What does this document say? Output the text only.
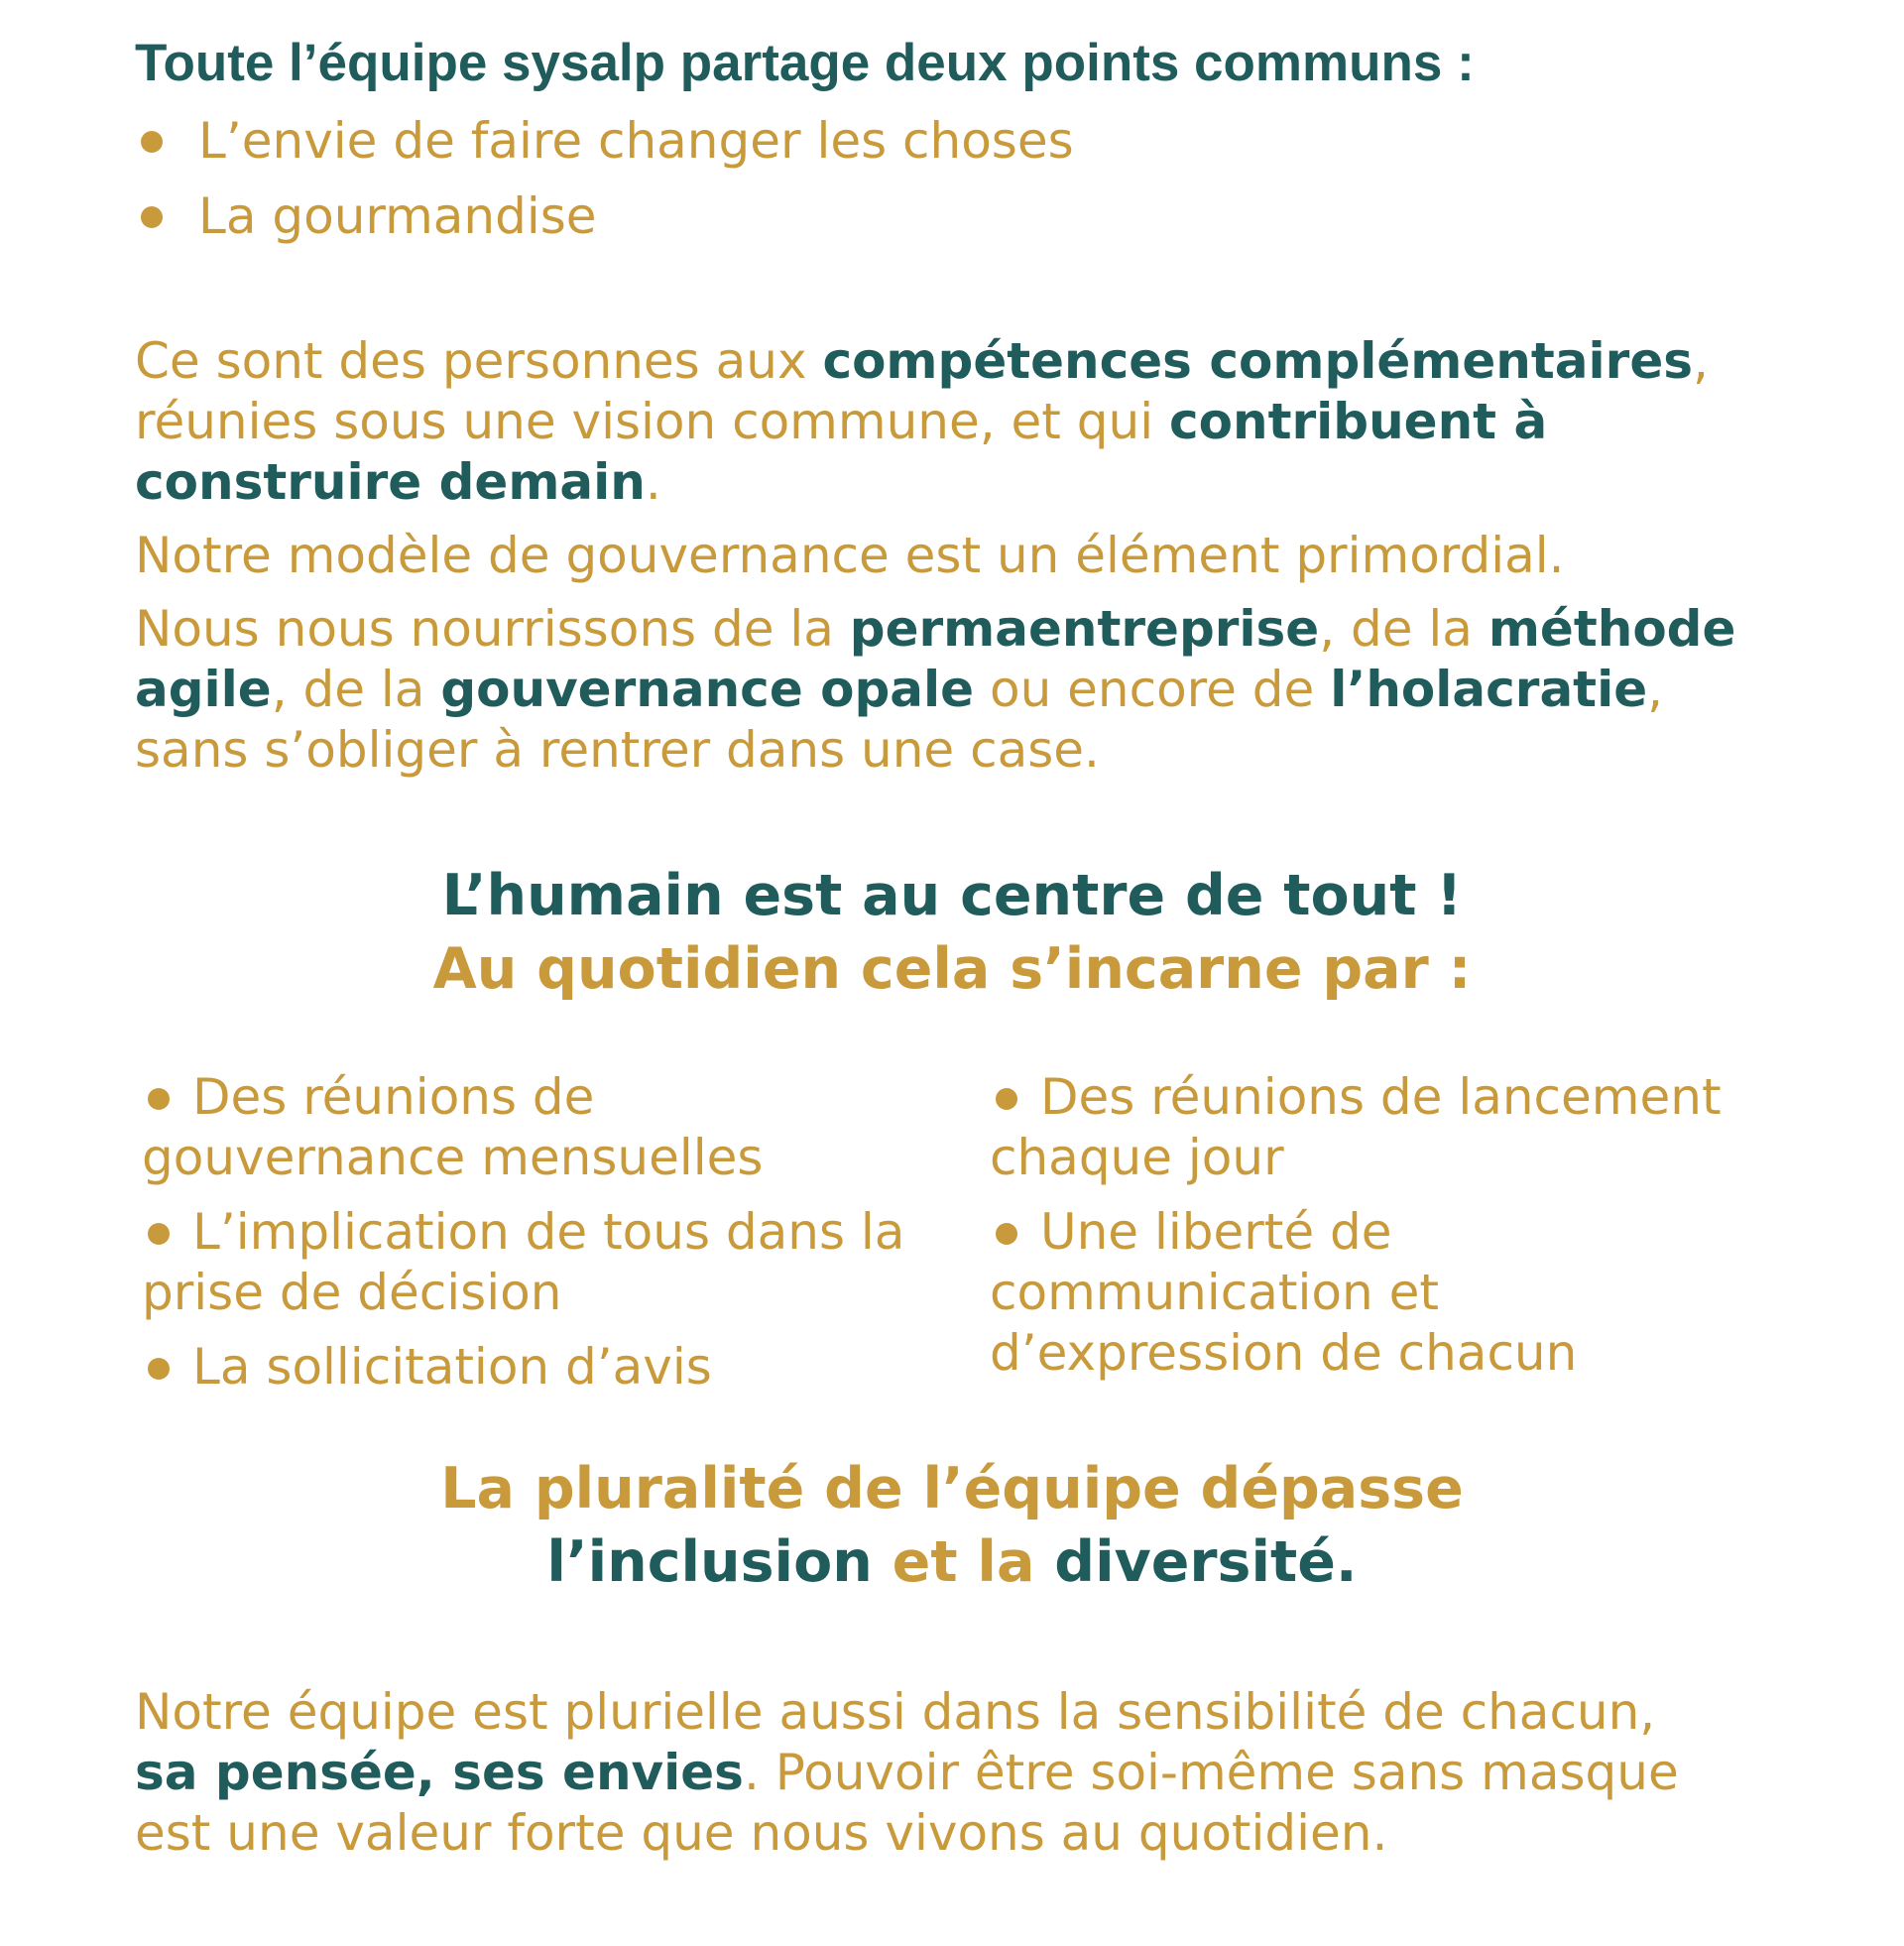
Toute l’équipe sysalp partage deux points communs :
L’envie de faire changer les choses
La gourmandise

Ce sont des personnes aux compétences complémentaires,
réunies sous une vision commune, et qui contribuent à
construire demain.

Notre modèle de gouvernance est un élément primordial.

Nous nous nourrissons de la permaentreprise, de la méthode
agile, de la gouvernance opale ou encore de l’holacratie,
sans s’obliger à rentrer dans une case.

L’humain est au centre de tout !
Au quotidien cela s’incarne par :
Des réunions de
gouvernance mensuelles
L’implication de tous dans la
prise de décision
La sollicitation d’avis
Des réunions de lancement
chaque jour
Une liberté de
communication et
d’expression de chacun
La pluralité de l’équipe dépasse
l’inclusion et la diversité.

Notre équipe est plurielle aussi dans la sensibilité de chacun,
sa pensée, ses envies. Pouvoir être soi-même sans masque
est une valeur forte que nous vivons au quotidien.
